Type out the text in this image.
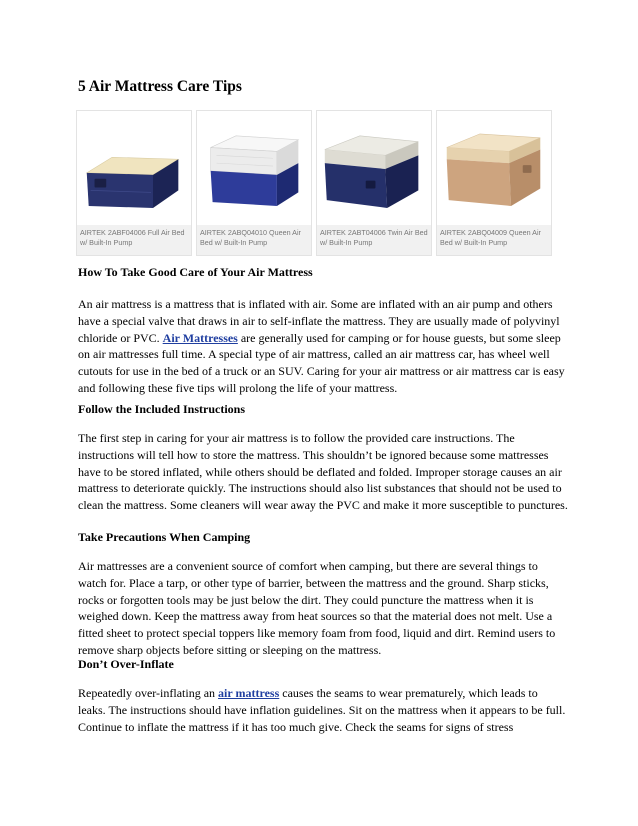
5 Air Mattress Care Tips
AIRTEK 2ABF04006 Full Air Bed w/ Built-In Pump
AIRTEK 2ABQ04010 Queen Air Bed w/ Built-In Pump
AIRTEK 2ABT04006 Twin Air Bed w/ Built-In Pump
AIRTEK 2ABQ04009 Queen Air Bed w/ Built-In Pump
How To Take Good Care of Your Air Mattress

An air mattress is a mattress that is inflated with air. Some are inflated with an air pump and others have a special valve that draws in air to self-inflate the mattress. They are usually made of polyvinyl chloride or PVC. Air Mattresses are generally used for camping or for house guests, but some sleep on air mattresses full time. A special type of air mattress, called an air mattress car, has wheel well cutouts for use in the bed of a truck or an SUV. Caring for your air mattress or air mattress car is easy and following these five tips will prolong the life of your mattress.

Follow the Included Instructions

The first step in caring for your air mattress is to follow the provided care instructions. The instructions will tell how to store the mattress. This shouldn’t be ignored because some mattresses have to be stored inflated, while others should be deflated and folded. Improper storage causes an air mattress to deteriorate quickly. The instructions should also list substances that should not be used to clean the mattress. Some cleaners will wear away the PVC and make it more susceptible to punctures.

Take Precautions When Camping

Air mattresses are a convenient source of comfort when camping, but there are several things to watch for. Place a tarp, or other type of barrier, between the mattress and the ground. Sharp sticks, rocks or forgotten tools may be just below the dirt. They could puncture the mattress when it is weighed down. Keep the mattress away from heat sources so that the material does not melt. Use a fitted sheet to protect special toppers like memory foam from food, liquid and dirt. Remind users to remove sharp objects before sitting or sleeping on the mattress.

Don’t Over-Inflate

Repeatedly over-inflating an air mattress causes the seams to wear prematurely, which leads to leaks. The instructions should have inflation guidelines. Sit on the mattress when it appears to be full. Continue to inflate the mattress if it has too much give. Check the seams for signs of stress
